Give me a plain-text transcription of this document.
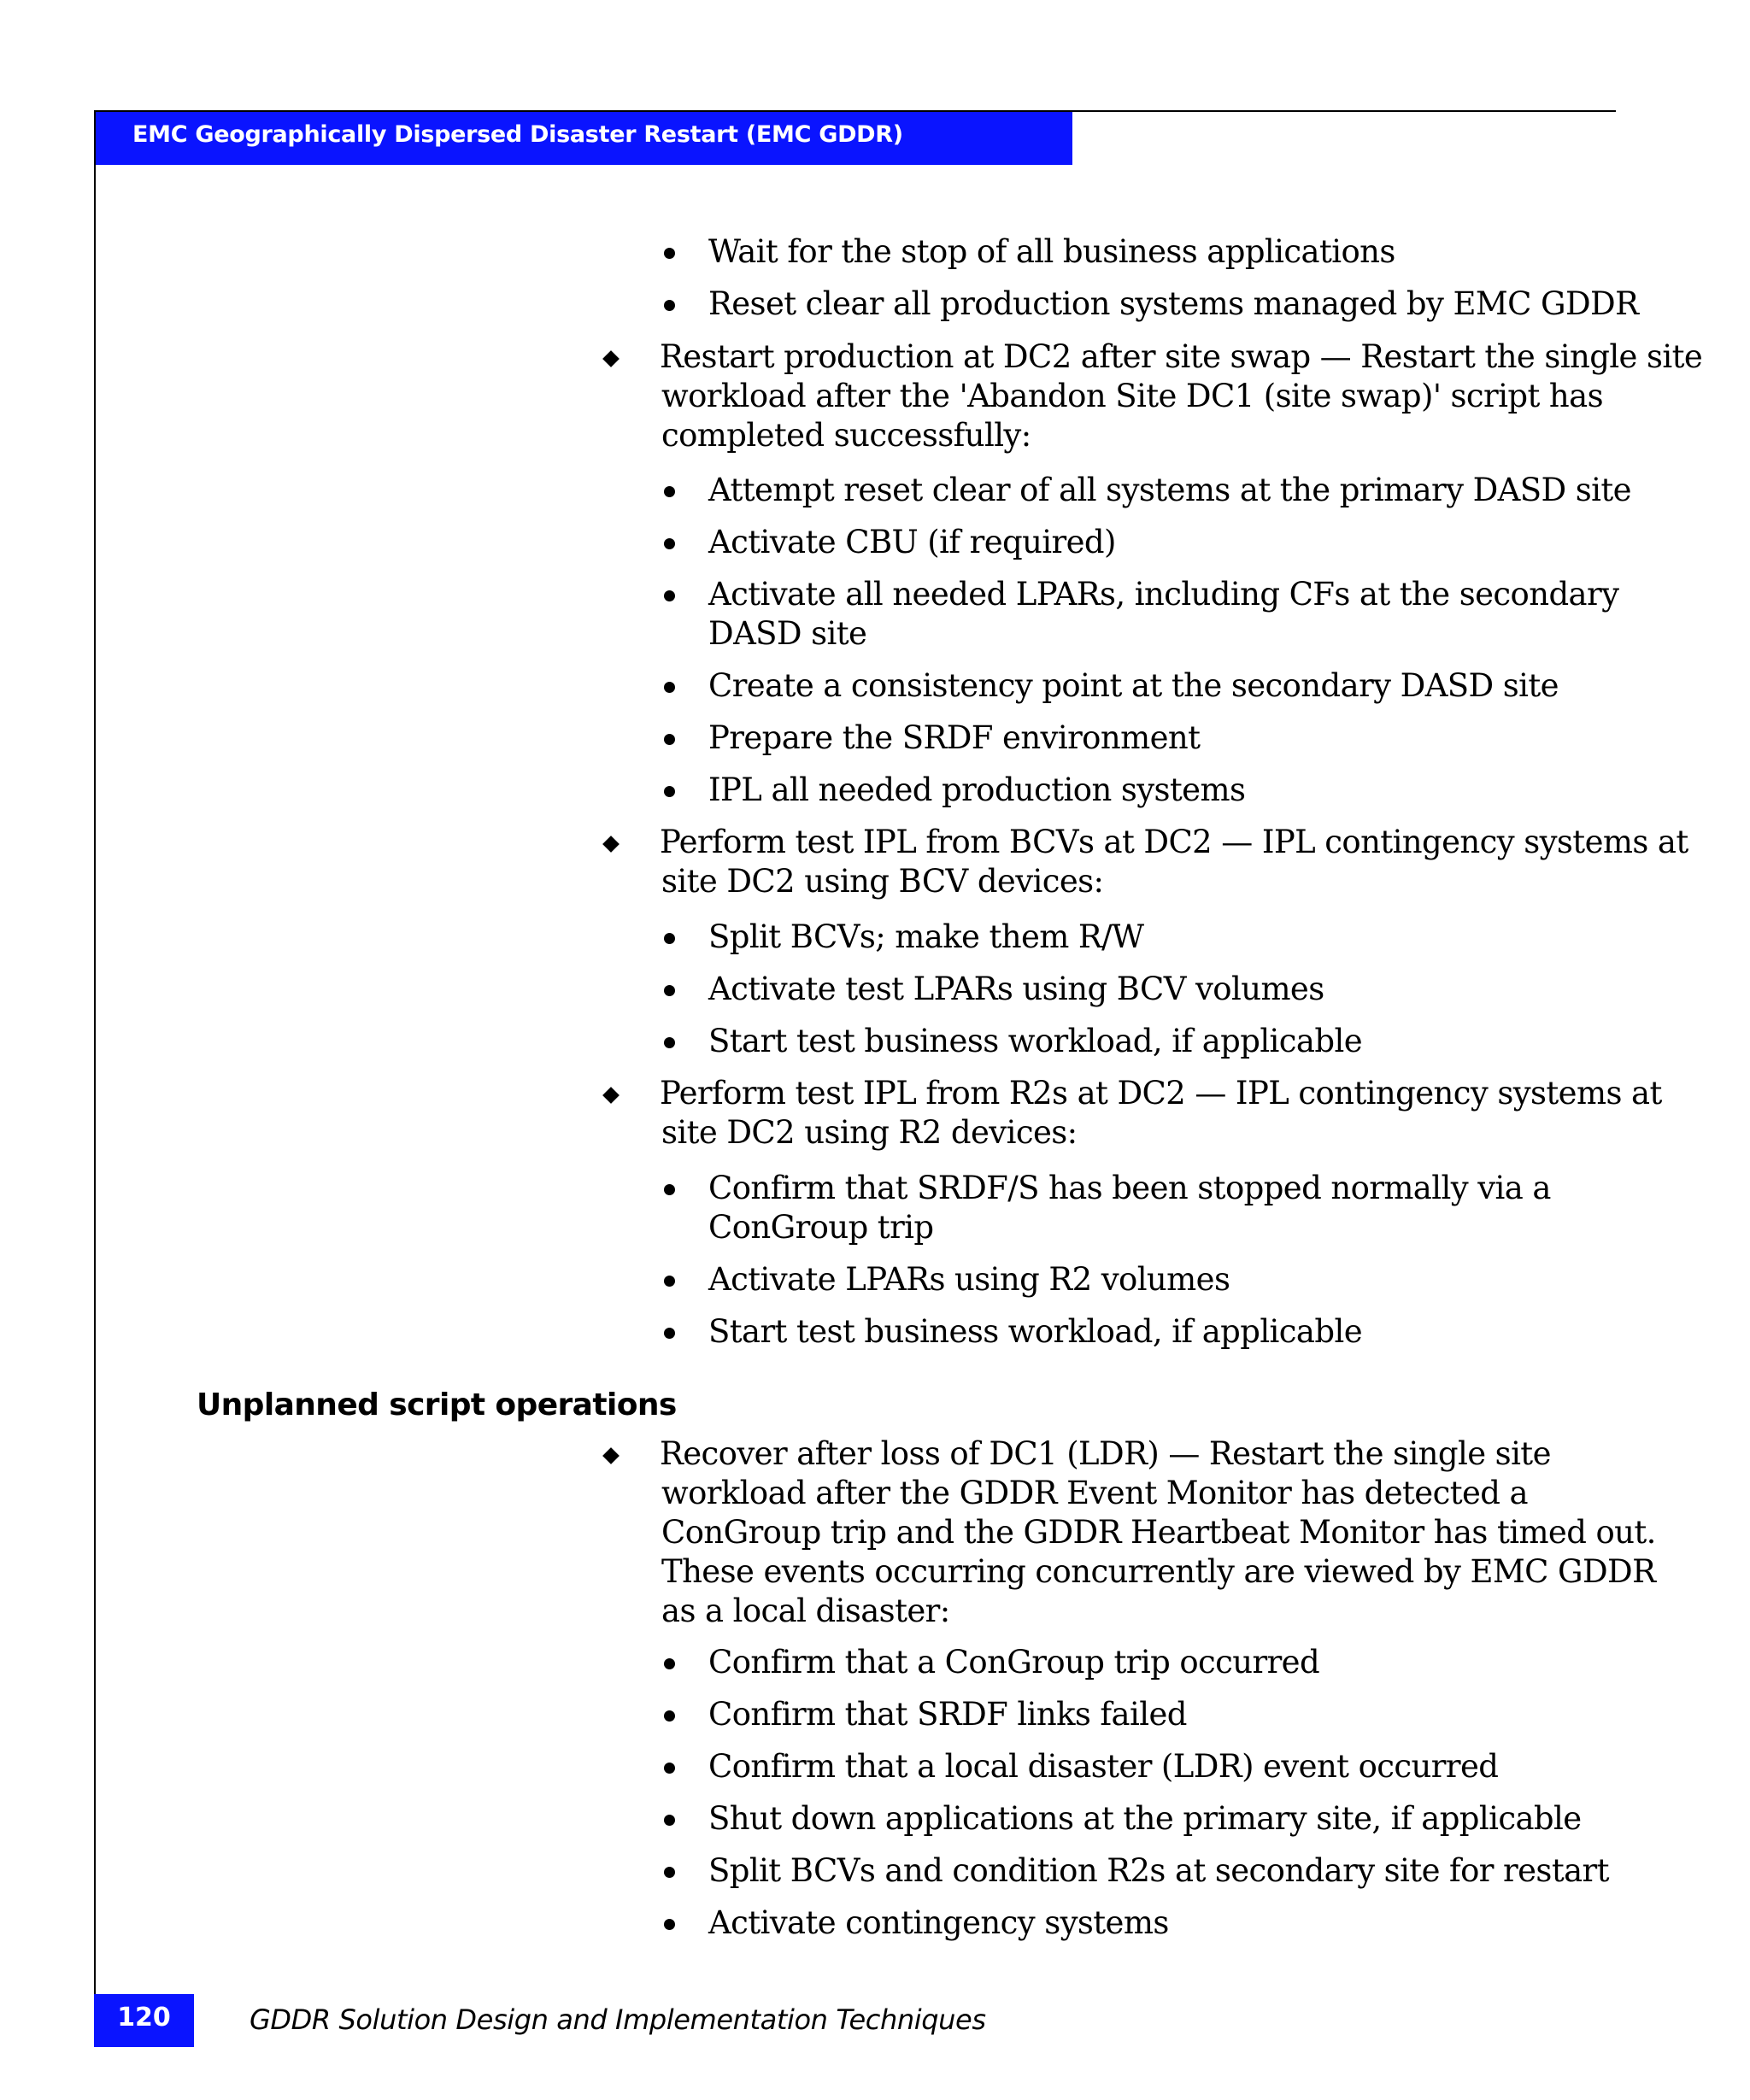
EMC Geographically Dispersed Disaster Restart (EMC GDDR)
Wait for the stop of all business applications
Reset clear all production systems managed by EMC GDDR
Restart production at DC2 after site swap — Restart the single site
workload after the 'Abandon Site DC1 (site swap)' script has
completed successfully:
Attempt reset clear of all systems at the primary DASD site
Activate CBU (if required)
Activate all needed LPARs, including CFs at the secondary
DASD site
Create a consistency point at the secondary DASD site
Prepare the SRDF environment
IPL all needed production systems
Perform test IPL from BCVs at DC2 — IPL contingency systems at
site DC2 using BCV devices:
Split BCVs; make them R/W
Activate test LPARs using BCV volumes
Start test business workload, if applicable
Perform test IPL from R2s at DC2 — IPL contingency systems at
site DC2 using R2 devices:
Confirm that SRDF/S has been stopped normally via a
ConGroup trip
Activate LPARs using R2 volumes
Start test business workload, if applicable
Unplanned script operations
Recover after loss of DC1 (LDR) — Restart the single site
workload after the GDDR Event Monitor has detected a
ConGroup trip and the GDDR Heartbeat Monitor has timed out.
These events occurring concurrently are viewed by EMC GDDR
as a local disaster:
Confirm that a ConGroup trip occurred
Confirm that SRDF links failed
Confirm that a local disaster (LDR) event occurred
Shut down applications at the primary site, if applicable
Split BCVs and condition R2s at secondary site for restart
Activate contingency systems
120	GDDR Solution Design and Implementation Techniques
